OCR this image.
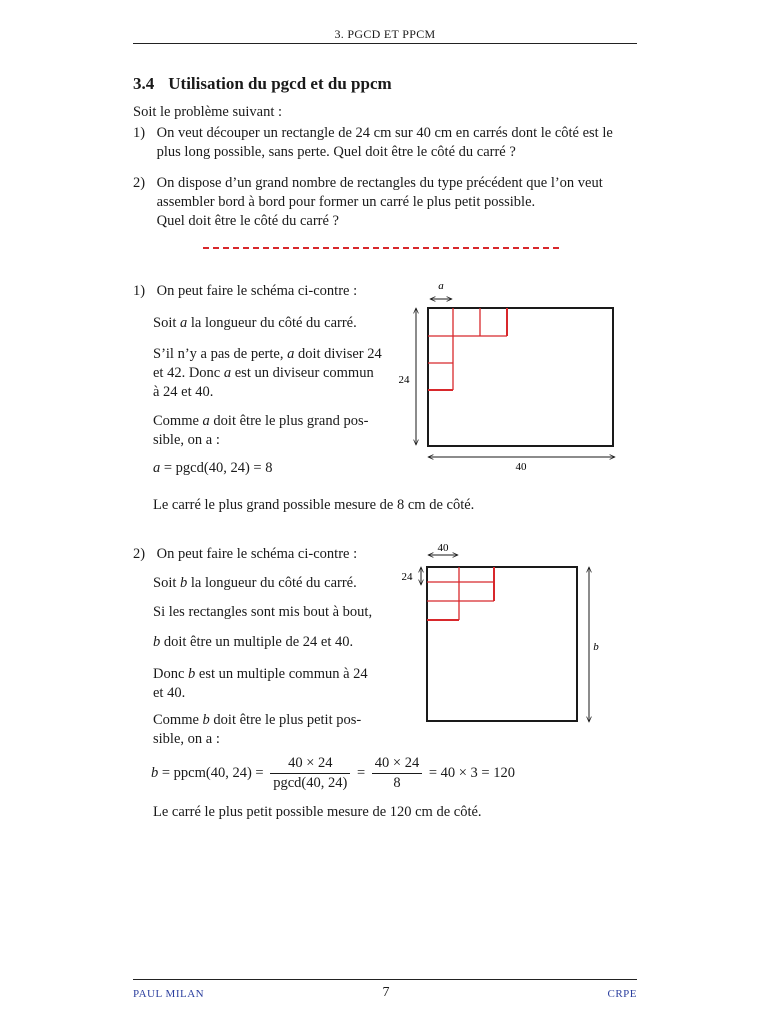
3. PGCD ET PPCM
3.4 Utilisation du pgcd et du ppcm
Soit le problème suivant :
1) On veut découper un rectangle de 24 cm sur 40 cm en carrés dont le côté est le
plus long possible, sans perte. Quel doit être le côté du carré ?
2) On dispose d’un grand nombre de rectangles du type précédent que l’on veut
assembler bord à bord pour former un carré le plus petit possible.
Quel doit être le côté du carré ?
1) On peut faire le schéma ci-contre :
Soit a la longueur du côté du carré.
S’il n’y a pas de perte, a doit diviser 24
et 42. Donc a est un diviseur commun
à 24 et 40.
Comme a doit être le plus grand pos-
sible, on a :
a = pgcd(40, 24) = 8
Le carré le plus grand possible mesure de 8 cm de côté.
a
24
40
2) On peut faire le schéma ci-contre :
Soit b la longueur du côté du carré.
Si les rectangles sont mis bout à bout,
b doit être un multiple de 24 et 40.
Donc b est un multiple commun à 24
et 40.
Comme b doit être le plus petit pos-
sible, on a :
b = ppcm(40, $24) = \frac{40 \times 24}{pgcd(40, 24)} = \frac{40 \times 24}{8} = 40 \times 3 = 120$
Le carré le plus petit possible mesure de 120 cm de côté.
40
24
b
PAUL MILAN	7	CRPE
